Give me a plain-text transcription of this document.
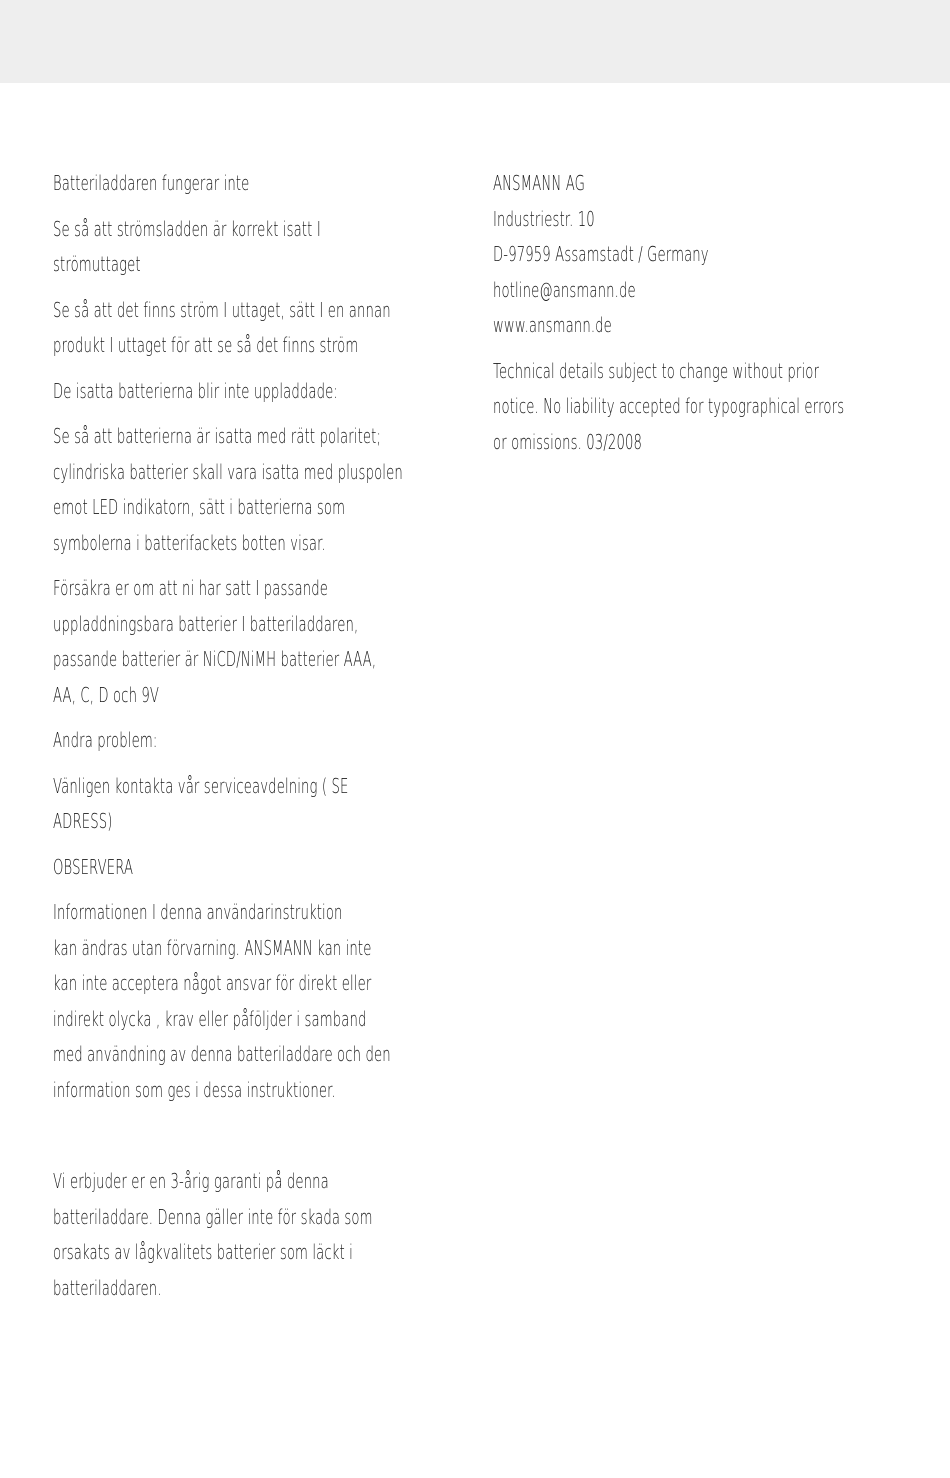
Batteriladdaren fungerar inte

Se så att strömsladden är korrekt isatt I
strömuttaget

Se så att det finns ström I uttaget, sätt I en annan
produkt I uttaget för att se så det finns ström

De isatta batterierna blir inte uppladdade:

Se så att batterierna är isatta med rätt polaritet;
cylindriska batterier skall vara isatta med pluspolen
emot LED indikatorn, sätt i batterierna som
symbolerna i batterifackets botten visar.

Försäkra er om att ni har satt I passande
uppladdningsbara batterier I batteriladdaren,
passande batterier är NiCD/NiMH batterier AAA,
AA, C, D och 9V

Andra problem:

Vänligen kontakta vår serviceavdelning ( SE
ADRESS)

OBSERVERA

Informationen I denna användarinstruktion
kan ändras utan förvarning. ANSMANN kan inte
kan inte acceptera något ansvar för direkt eller
indirekt olycka , krav eller påföljder i samband
med användning av denna batteriladdare och den
information som ges i dessa instruktioner.

Vi erbjuder er en 3-årig garanti på denna
batteriladdare. Denna gäller inte för skada som
orsakats av lågkvalitets batterier som läckt i
batteriladdaren.

ANSMANN AG
Industriestr. 10
D-97959 Assamstadt / Germany
hotline@ansmann.de
www.ansmann.de

Technical details subject to change without prior
notice. No liability accepted for typographical errors
or omissions. 03/2008
